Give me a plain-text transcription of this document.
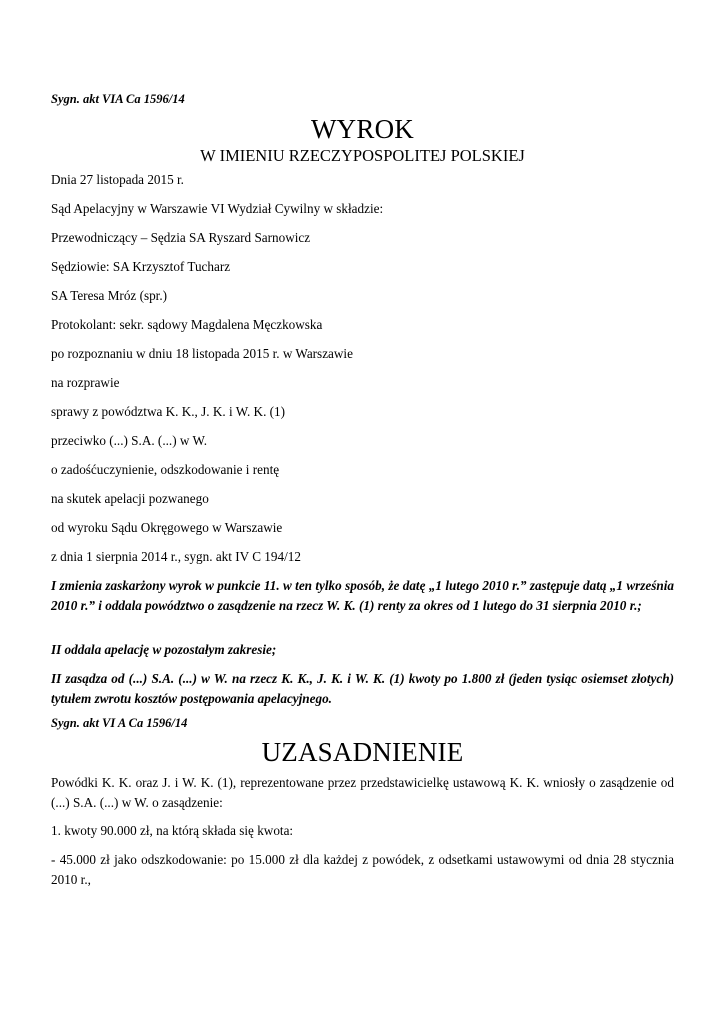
Sygn. akt VIA Ca 1596/14
WYROK
W IMIENIU RZECZYPOSPOLITEJ POLSKIEJ
Dnia 27 listopada 2015 r.
Sąd Apelacyjny w Warszawie VI Wydział Cywilny w składzie:
Przewodniczący – Sędzia SA Ryszard Sarnowicz
Sędziowie: SA Krzysztof Tucharz
SA Teresa Mróz (spr.)
Protokolant: sekr. sądowy Magdalena Męczkowska
po rozpoznaniu w dniu 18 listopada 2015 r. w Warszawie
na rozprawie
sprawy z powództwa K. K., J. K. i W. K. (1)
przeciwko (...) S.A. (...) w W.
o zadośćuczynienie, odszkodowanie i rentę
na skutek apelacji pozwanego
od wyroku Sądu Okręgowego w Warszawie
z dnia 1 sierpnia 2014 r., sygn. akt IV C 194/12
I zmienia zaskarżony wyrok w punkcie 11. w ten tylko sposób, że datę „1 lutego 2010 r.” zastępuje datą „1 września 2010 r.” i oddala powództwo o zasądzenie na rzecz W. K. (1) renty za okres od 1 lutego do 31 sierpnia 2010 r.;
II oddala apelację w pozostałym zakresie;
II zasądza od (...) S.A. (...) w W. na rzecz K. K., J. K. i W. K. (1) kwoty po 1.800 zł (jeden tysiąc osiemset złotych) tytułem zwrotu kosztów postępowania apelacyjnego.
Sygn. akt VI A Ca 1596/14
UZASADNIENIE
Powódki K. K. oraz J. i W. K. (1), reprezentowane przez przedstawicielkę ustawową K. K. wniosły o zasądzenie od (...) S.A. (...) w W. o zasądzenie:
1. kwoty 90.000 zł, na którą składa się kwota:
- 45.000 zł jako odszkodowanie: po 15.000 zł dla każdej z powódek, z odsetkami ustawowymi od dnia 28 stycznia 2010 r.,
